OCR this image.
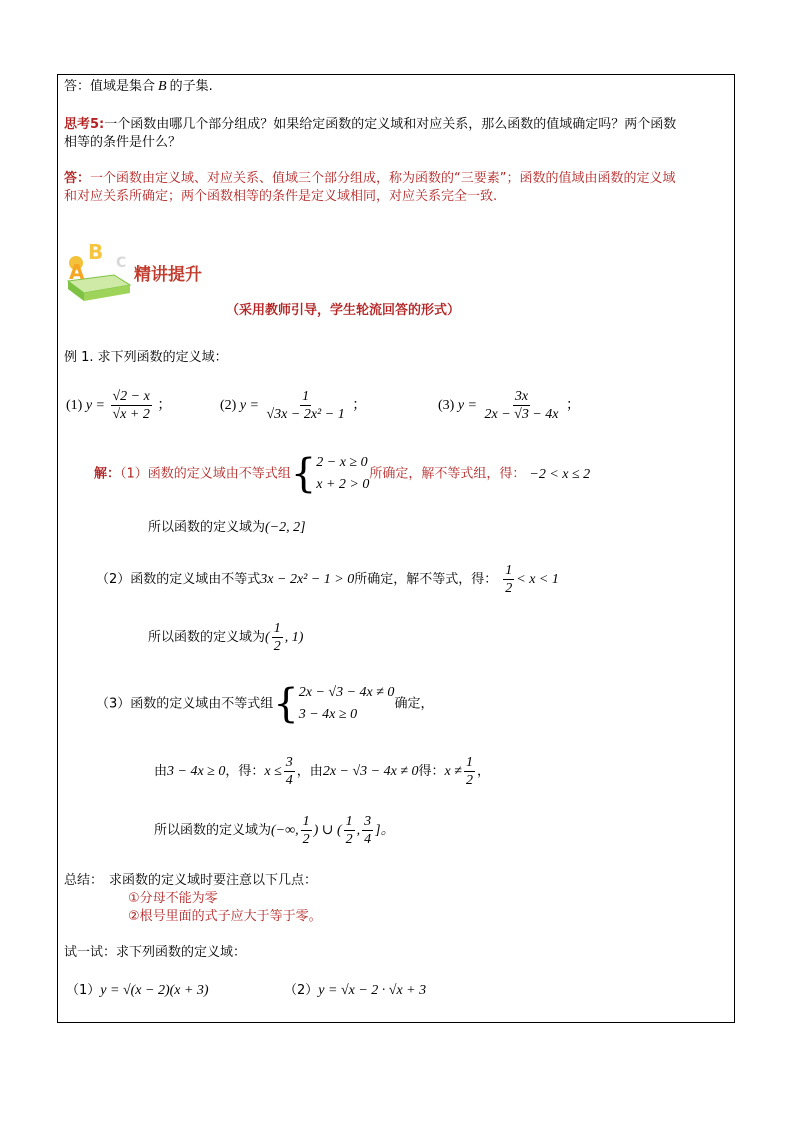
答：值域是集合 B 的子集.
思考5:一个函数由哪几个部分组成？如果给定函数的定义域和对应关系，那么函数的值域确定吗？两个函数
相等的条件是什么？
答：一个函数由定义域、对应关系、值域三个部分组成，称为函数的“三要素”；函数的值域由函数的定义域
和对应关系所确定；两个函数相等的条件是定义域相同，对应关系完全一致.
A
B C
精讲提升
（采用教师引导，学生轮流回答的形式）
例 1. 求下列函数的定义域：
(1) $y = \frac{√2 - x}{√x + 2}$ ；	(2) $y = \frac{1}{\text{√3x − 2x² − 1}}$ ；	(3) $y = \frac{3x}{2x - √3 - 4x}$ ；
解：（1）函数的定义域由不等式组{ 2 − x ≥ 0
x + 2 > 0
所确定，解不等式组，得： −2 < x ≤ 2
所以函数的定义域为(−2, 2]
（2）函数的定义域由不等式3x − 2x² − 1 > 0所确定，解不等式，得： $\frac{1}{2} < x < 1$
所以函数的定义域为( $\frac{1}{2}$ , 1)
（3）函数的定义域由不等式组{ 2x − √3 − 4x ≠ 0
3 − 4x ≥ 0
确定，
由3 − 4x ≥ 0，得：$x \le \frac{3}{4}$ ，由2x − √3 − 4x ≠ 0得：$x \ne \frac{1}{2}$ ，
所以函数的定义域为(−∞, $\frac{1}{2}$ ) ∪ ( $\frac{1}{2}$ , $\frac{3}{4}$ ]。
总结： 求函数的定义域时要注意以下几点：
①分母不能为零
②根号里面的式子应大于等于零。
试一试：求下列函数的定义域：
（1）y = √(x − 2)(x + 3)	（2）y = √x − 2 · √x + 3
